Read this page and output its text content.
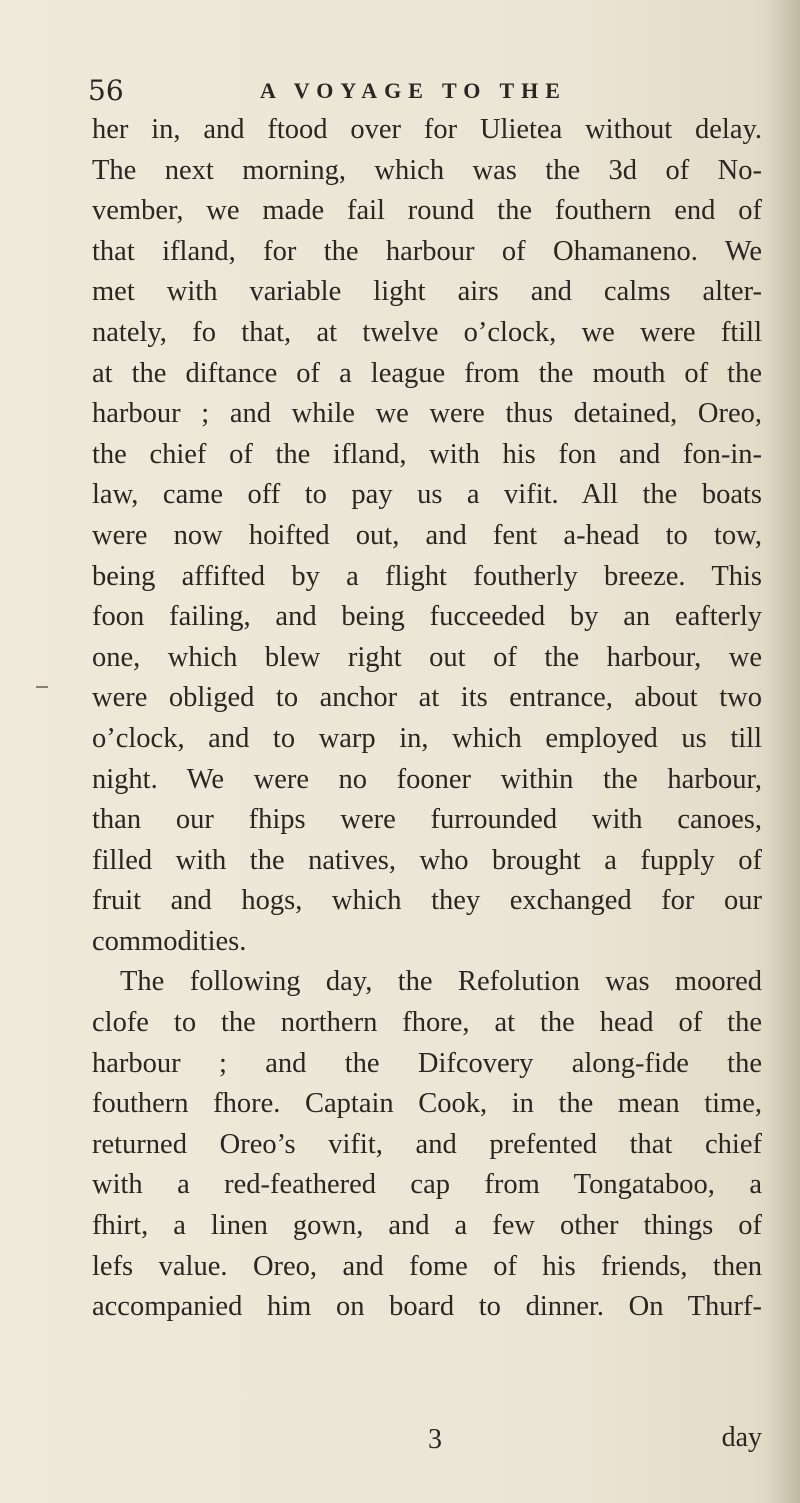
56	A VOYAGE TO THE
her in, and ftood over for Ulietea without delay.
The next morning, which was the 3d of No-
vember, we made fail round the fouthern end of
that ifland, for the harbour of Ohamaneno. We
met with variable light airs and calms alter-
nately, fo that, at twelve o’clock, we were ftill
at the diftance of a league from the mouth of the
harbour ; and while we were thus detained, Oreo,
the chief of the ifland, with his fon and fon-in-
law, came off to pay us a vifit. All the boats
were now hoifted out, and fent a-head to tow,
being affifted by a flight foutherly breeze. This
foon failing, and being fucceeded by an eafterly
one, which blew right out of the harbour, we
were obliged to anchor at its entrance, about two
o’clock, and to warp in, which employed us till
night. We were no fooner within the harbour,
than our fhips were furrounded with canoes,
filled with the natives, who brought a fupply of
fruit and hogs, which they exchanged for our
commodities.
The following day, the Refolution was moored
clofe to the northern fhore, at the head of the
harbour ; and the Difcovery along-fide the
fouthern fhore. Captain Cook, in the mean time,
returned Oreo’s vifit, and prefented that chief
with a red-feathered cap from Tongataboo, a
fhirt, a linen gown, and a few other things of
lefs value. Oreo, and fome of his friends, then
accompanied him on board to dinner. On Thurf-
3	day
